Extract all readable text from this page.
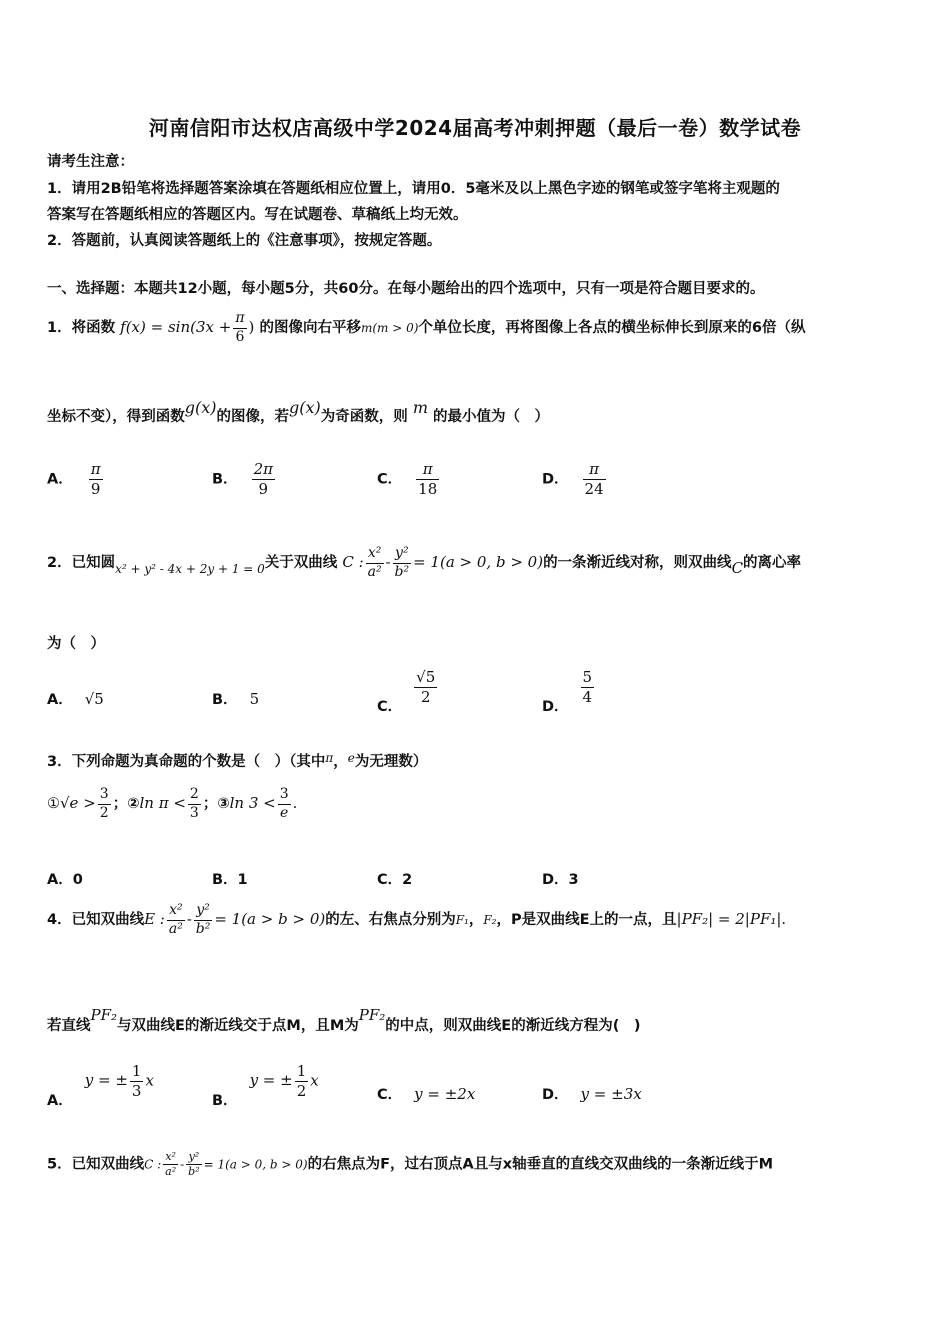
河南信阳市达权店高级中学2024届高考冲刺押题（最后一卷）数学试卷
请考生注意：
1．请用2B铅笔将选择题答案涂填在答题纸相应位置上，请用0．5毫米及以上黑色字迹的钢笔或签字笔将主观题的
答案写在答题纸相应的答题区内。写在试题卷、草稿纸上均无效。
2．答题前，认真阅读答题纸上的《注意事项》，按规定答题。
一、选择题：本题共12小题，每小题5分，共60分。在每小题给出的四个选项中，只有一项是符合题目要求的。
1．将函数 $f(x) = \sin(3x + \frac{\pi}{6}$ ) 的图像向右平移m(m > 0)个单位长度，再将图像上各点的横坐标伸长到原来的6倍（纵
坐标不变），得到函数g(x)的图像，若g(x)为奇函数，则 m 的最小值为（　）
A． $\frac{\pi}{9}$	B． $\frac{2\pi}{9}$	C． $\frac{\pi}{18}$	D． $\frac{\pi}{24}$
2．已知圆$_{x^2 + y^2 - 4x + 2y + 1 = 0}$关于双曲线 C : $\frac{\text{x²}}{\text{a²}} - \frac{\text{y²}}{\text{b²}} = 1(a > 0$, b > 0)的一条渐近线对称，则双曲线C的离心率
为（　）
A． √5	B． 5	C．
$\frac{√5}{2}$
D．
$\frac{5}{4}$
3．下列命题为真命题的个数是（　）（其中$^\pi$，$^e$为无理数）
①√e > $\frac{3}{2}$ ；②ln $\pi < \frac{2}{3}$ ；③ln $3 < \frac{3}{e}$ .
A．0	B．1	C．2	D．3
4．已知双曲线E : $\frac{\text{x²}}{\text{a²}} - \frac{\text{y²}}{\text{b²}} = 1(a > b > 0)$的左、右焦点分别为F₁，F₂，P是双曲线E上的一点，且|PF₂| = 2|PF₁|.
若直线PF₂与双曲线E的渐近线交于点M，且M为PF₂的中点，则双曲线E的渐近线方程为(　)
A．y = ± $\frac{1}{3}$ x
B．y = ± $\frac{1}{2}$ x
C． y = ±2x	D． y = ±3x
5．已知双曲线C : $\frac{\text{x²}}{\text{a²}} - \frac{\text{y²}}{\text{b²}} = 1(a > 0$, b > 0)的右焦点为F，过右顶点A且与x轴垂直的直线交双曲线的一条渐近线于M
